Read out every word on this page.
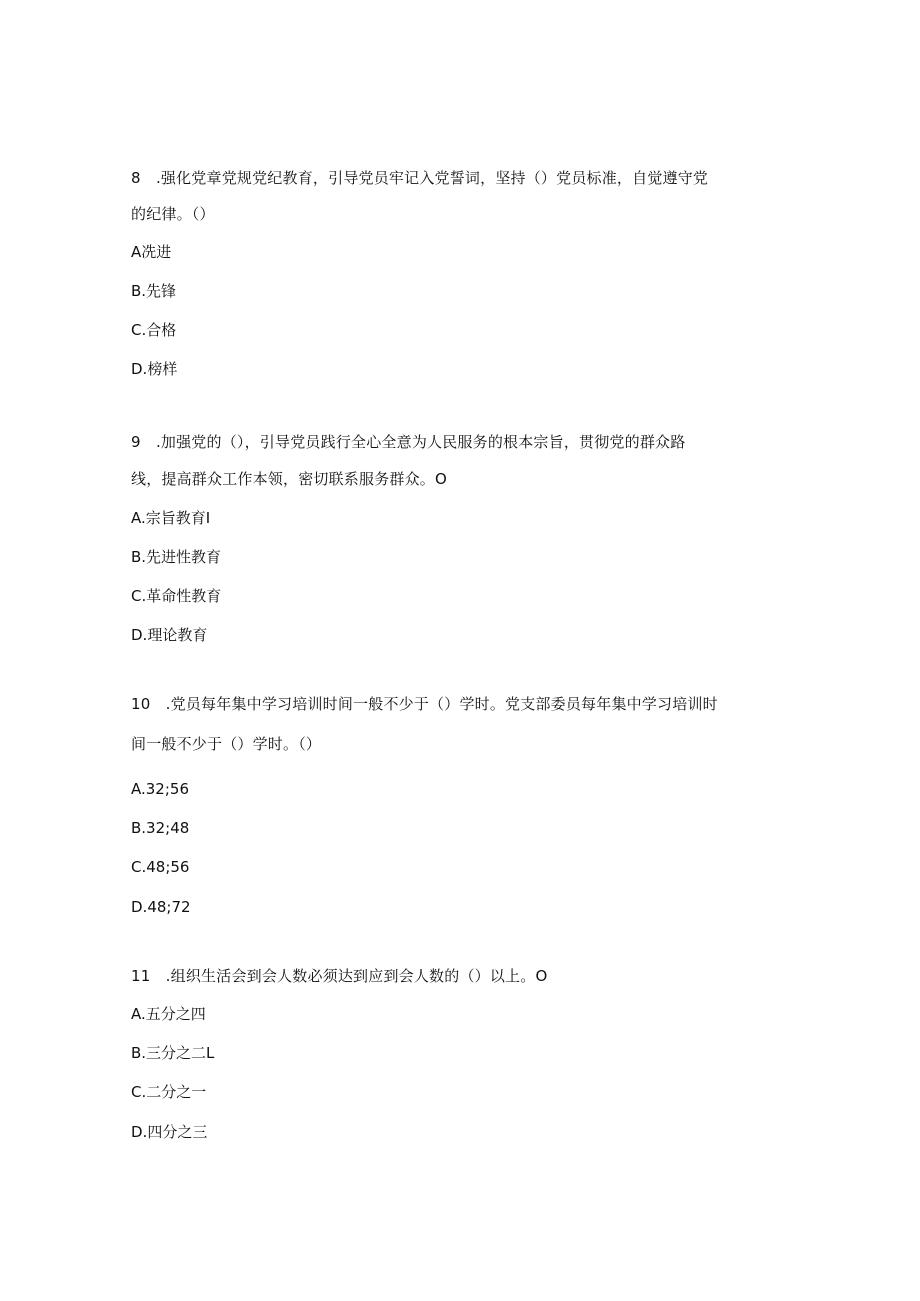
8 .强化党章党规党纪教育，引导党员牢记入党誓词，坚持（）党员标准，自觉遵守党
的纪律。（）
A冼进
B.先锋
C.合格
D.榜样
9 .加强党的（），引导党员践行全心全意为人民服务的根本宗旨，贯彻党的群众路
线，提高群众工作本领，密切联系服务群众。O
A.宗旨教育I
B.先进性教育
C.革命性教育
D.理论教育
10 .党员每年集中学习培训时间一般不少于（）学时。党支部委员每年集中学习培训时
间一般不少于（）学时。（）
A.32;56
B.32;48
C.48;56
D.48;72
11 .组织生活会到会人数必须达到应到会人数的（）以上。O
A.五分之四
B.三分之二L
C.二分之一
D.四分之三
